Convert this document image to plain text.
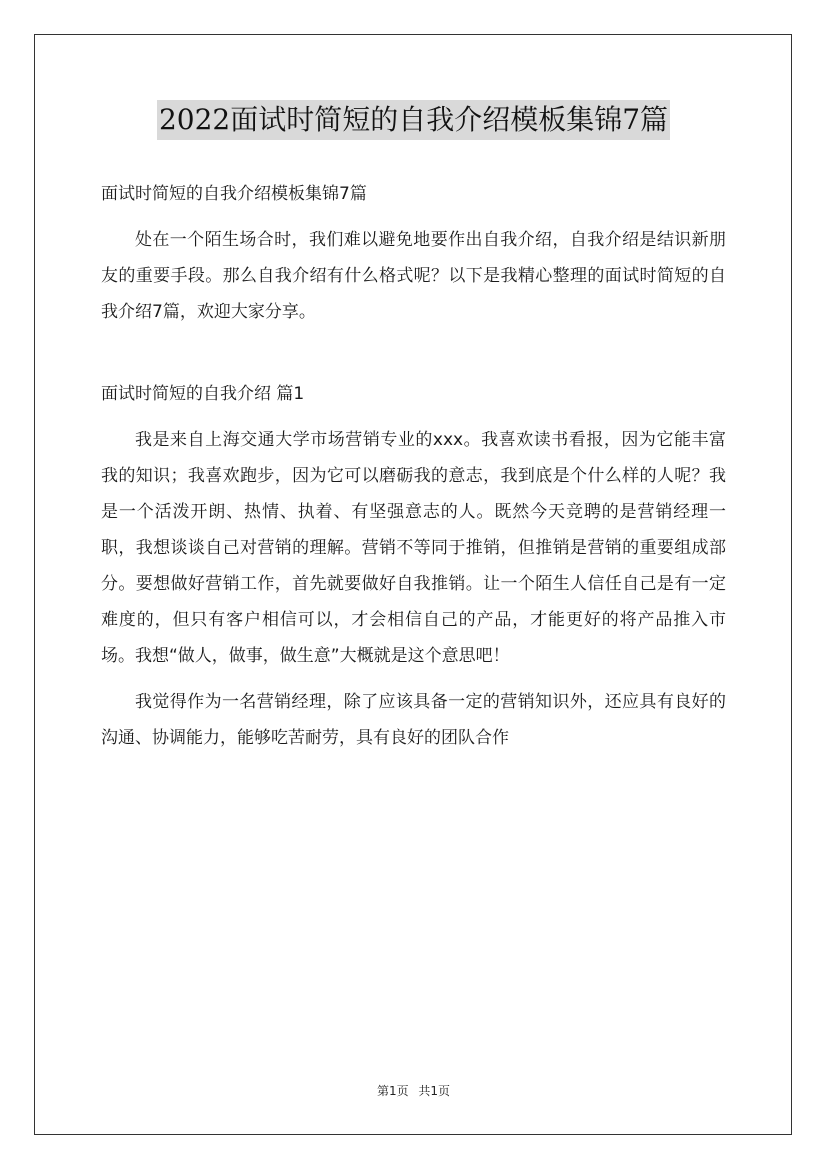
2022面试时简短的自我介绍模板集锦7篇
面试时简短的自我介绍模板集锦7篇

处在一个陌生场合时，我们难以避免地要作出自我介绍，自我介绍是结识新朋友的重要手段。那么自我介绍有什么格式呢？以下是我精心整理的面试时简短的自我介绍7篇，欢迎大家分享。

面试时简短的自我介绍 篇1

我是来自上海交通大学市场营销专业的xxx。我喜欢读书看报，因为它能丰富我的知识；我喜欢跑步，因为它可以磨砺我的意志，我到底是个什么样的人呢？我是一个活泼开朗、热情、执着、有坚强意志的人。既然今天竞聘的是营销经理一职，我想谈谈自己对营销的理解。营销不等同于推销，但推销是营销的重要组成部分。要想做好营销工作，首先就要做好自我推销。让一个陌生人信任自己是有一定难度的，但只有客户相信可以，才会相信自己的产品，才能更好的将产品推入市场。我想“做人，做事，做生意”大概就是这个意思吧！

我觉得作为一名营销经理，除了应该具备一定的营销知识外，还应具有良好的沟通、协调能力，能够吃苦耐劳，具有良好的团队合作

第1页 共1页
